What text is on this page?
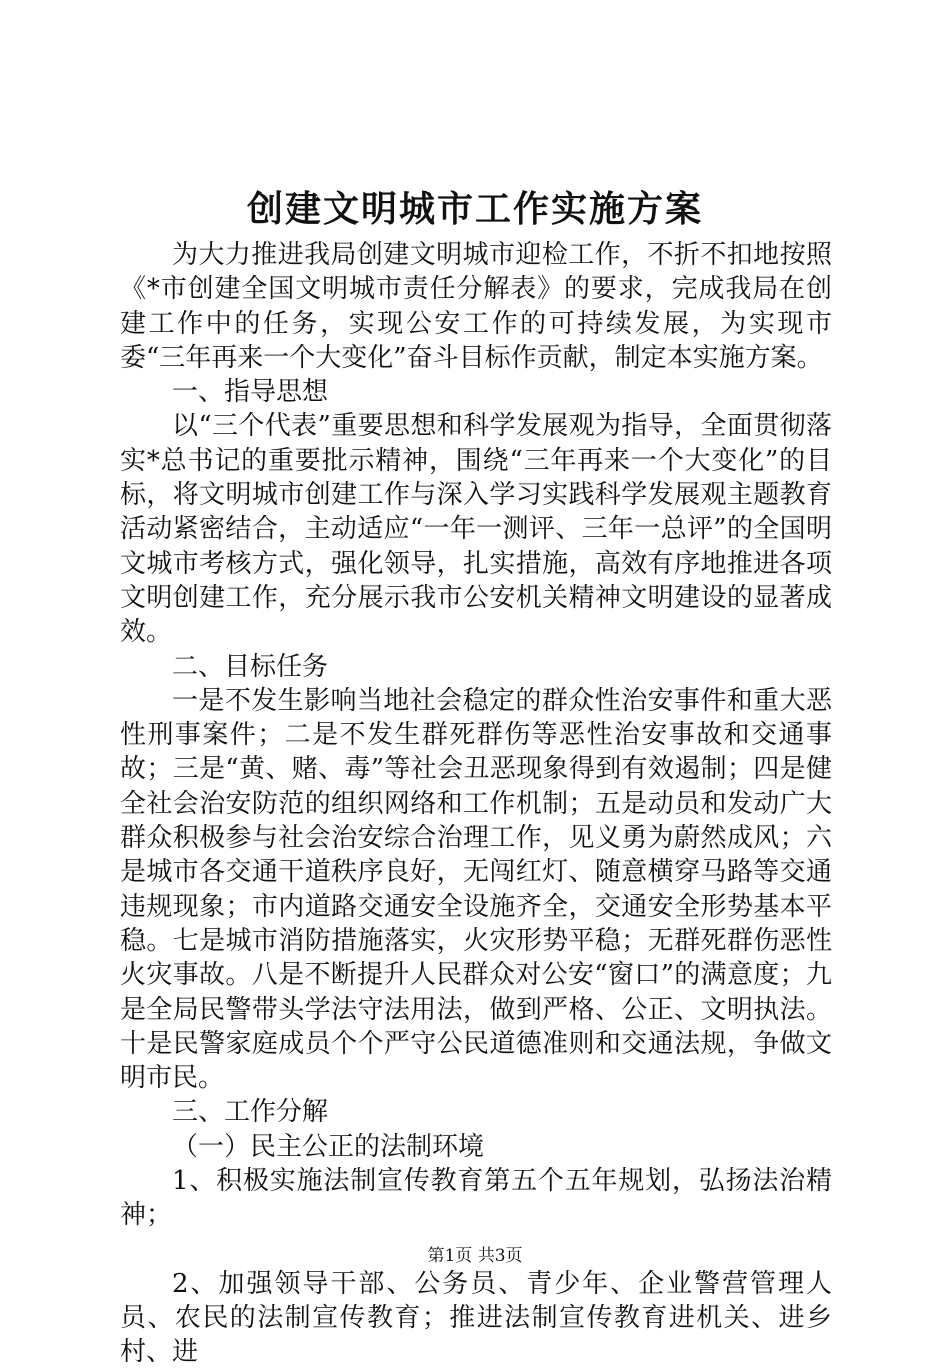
创建文明城市工作实施方案

为大力推进我局创建文明城市迎检工作，不折不扣地按照《*市创建全国文明城市责任分解表》的要求，完成我局在创建工作中的任务，实现公安工作的可持续发展，为实现市委“三年再来一个大变化”奋斗目标作贡献，制定本实施方案。

一、指导思想

以“三个代表”重要思想和科学发展观为指导，全面贯彻落实*总书记的重要批示精神，围绕“三年再来一个大变化”的目标，将文明城市创建工作与深入学习实践科学发展观主题教育活动紧密结合，主动适应“一年一测评、三年一总评”的全国明文城市考核方式，强化领导，扎实措施，高效有序地推进各项文明创建工作，充分展示我市公安机关精神文明建设的显著成效。

二、目标任务

一是不发生影响当地社会稳定的群众性治安事件和重大恶性刑事案件；二是不发生群死群伤等恶性治安事故和交通事故；三是“黄、赌、毒”等社会丑恶现象得到有效遏制；四是健全社会治安防范的组织网络和工作机制；五是动员和发动广大群众积极参与社会治安综合治理工作，见义勇为蔚然成风；六是城市各交通干道秩序良好，无闯红灯、随意横穿马路等交通违规现象；市内道路交通安全设施齐全，交通安全形势基本平稳。七是城市消防措施落实，火灾形势平稳；无群死群伤恶性火灾事故。八是不断提升人民群众对公安“窗口”的满意度；九是全局民警带头学法守法用法，做到严格、公正、文明执法。十是民警家庭成员个个严守公民道德准则和交通法规，争做文明市民。

三、工作分解

（一）民主公正的法制环境

1、积极实施法制宣传教育第五个五年规划，弘扬法治精神；

2、加强领导干部、公务员、青少年、企业警营管理人员、农民的法制宣传教育；推进法制宣传教育进机关、进乡村、进

第1页 共3页
